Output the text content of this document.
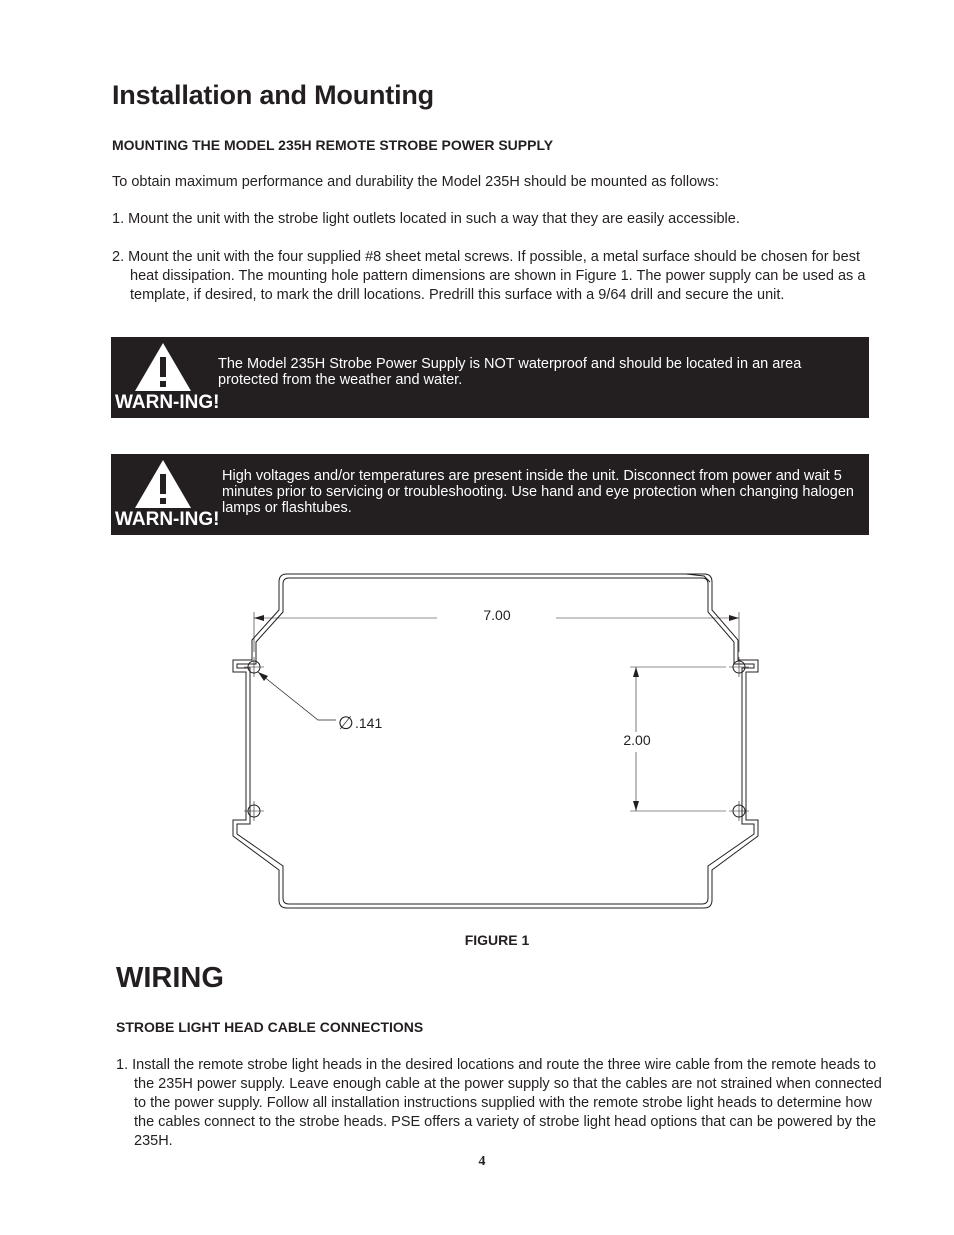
Installation and Mounting

MOUNTING THE MODEL 235H REMOTE STROBE POWER SUPPLY

To obtain maximum performance and durability the Model 235H should be mounted as follows:

1. Mount the unit with the strobe light outlets located in such a way that they are easily accessible.

2. Mount the unit with the four supplied #8 sheet metal screws. If possible, a metal surface should be chosen for best heat dissipation. The mounting hole pattern dimensions are shown in Figure 1. The power supply can be used as a template, if desired, to mark the drill locations. Predrill this surface with a 9/64 drill and secure the unit.

WARN-ING!
The Model 235H Strobe Power Supply is NOT waterproof and should be located in an area protected from the weather and water.
WARN-ING!
High voltages and/or temperatures are present inside the unit. Disconnect from power and wait 5 minutes prior to servicing or troubleshooting. Use hand and eye protection when changing halogen lamps or flashtubes.
7.00
2.00
∅ .141
FIGURE 1
WIRING

STROBE LIGHT HEAD CABLE CONNECTIONS

1. Install the remote strobe light heads in the desired locations and route the three wire cable from the remote heads to the 235H power supply. Leave enough cable at the power supply so that the cables are not strained when connected to the power supply. Follow all installation instructions supplied with the remote strobe light heads to determine how the cables connect to the strobe heads. PSE offers a variety of strobe light head options that can be powered by the 235H.

4
